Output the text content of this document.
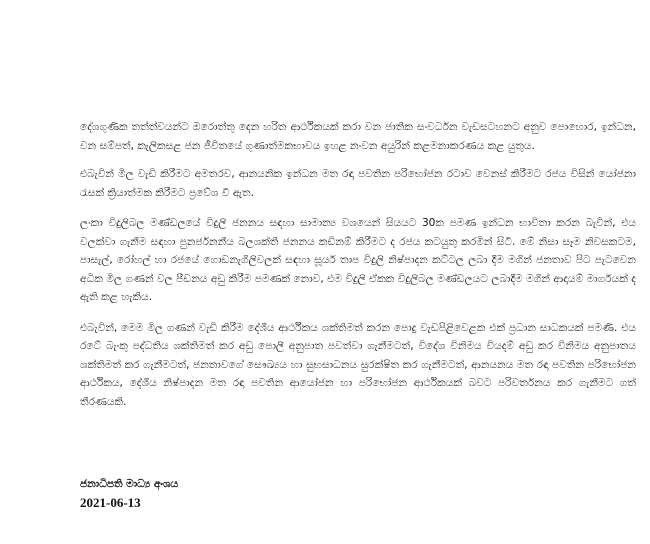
දේශගුණික තත්ත්වයන්ට ඔරොත්තු දෙන හරිත ආර්ථිකයක් කරා වන ජාතික සංවර්ධන වැඩසටහනට අනුව පොහොර, ඉන්ධන, වන සම්පත්, කැලිකසළ ජන ජීවිතයේ ගුණාත්මකභාවය ඉහළ නංවන අයුරින් කළමනාකරණය කළ යුතුය.

එබැවින් මිල වැඩි කිරීමට අමතරව, ආනයනික ඉන්ධන මත රඳා පවතින පරිභෝජන රටාව වෙනස් කිරීමට රජය විසින් යෝජනා රැසක් ක්‍රියාත්මක කිරීමට ප්‍රවේශ වී ඇත.

ලංකා විදුලිබල මණ්ඩලයේ විදුලි ජනනය සඳහා සාමාන්‍ය වශයෙන් සියයට 30ක පමණ ඉන්ධන භාවිතා කරන බැවින්, එය වලක්වා ගැනීම සඳහා පුනර්ජනනීය බලශක්ති ජනනය කඩිනම් කිරීමට ද රජය කටයුතු කරමින් සිටී. මේ නිසා සෑම නිවසකටම, පාසැල්, රෝහල් හා රජයේ ගොඩනැගිලිවලක් සඳහා සූර්ය තාප විදුලි නිෂ්පාදන කට්ටල ලබා දීම මගින් ජනතාව පිට පැටවෙන අධික මිල ගණන් වල පීඩනය අඩු කිරීම පමණක් නොව, එම විදුලි ඒකක විදුලිබල මණ්ඩලයට ලබාදීම මගින් ආදායම් මාර්ගයක් ද ඇති කළ හැකිය.

එබැවින්, මෙම මිල ගණන් වැඩි කිරීම දේශීය ආර්ථිකය ශක්තිමත් කරන පොදු වැඩපිළිවෙළක එක් ප්‍රධාන සාධකයක් පමණි. එය රටේ බැංකු පද්ධතිය ශක්තිමත් කර අඩු පොලී අනුපාත පවත්වා ගැනීමටත්, විදේශ විනිමය වියදම් අඩු කර විනිමය අනුපාතය ශක්තිමත් කර ගැනීමටත්, ජනතාවගේ සෞඛ්‍යය හා සුභසාධනය සුරක්ෂිත කර ගැනීමටත්, ආනයනය මත රඳා පවතින පරිභෝජන ආර්ථිකය, දේශීය නිෂ්පාදන මත රඳා පවතින ආයෝජන හා පරිභෝජන ආර්ථිකයක් බවට පරිවර්තනය කර ගැනීමට ගත් තීරණයකි.

ජනාධිපති මාධ්‍ය අංශය

2021-06-13
